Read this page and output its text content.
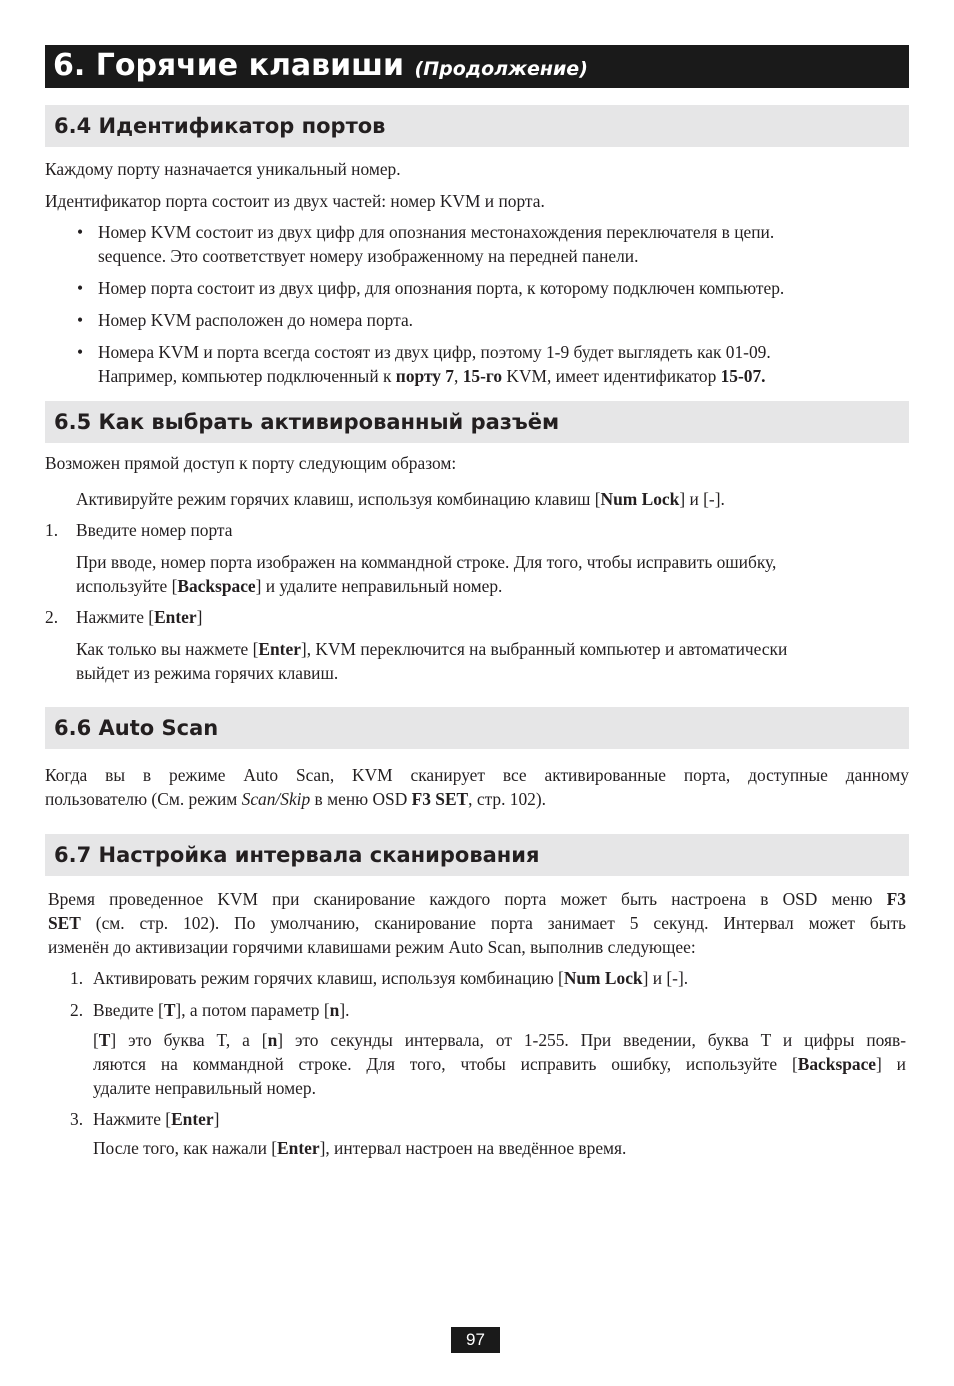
6. Горячие клавиши (Продолжение)
6.4 Идентификатор портов
Каждому порту назначается уникальный номер.
Идентификатор порта состоит из двух частей: номер KVM и порта.
• Номер KVM состоит из двух цифр для опознания местонахождения переключателя в цепи.
sequence. Это соответствует номеру изображенному на передней панели.
• Номер порта состоит из двух цифр, для опознания порта, к которому подключен компьютер.
• Номер KVM расположен до номера порта.
• Номера KVM и порта всегда состоят из двух цифр, поэтому 1-9 будет выглядеть как 01-09.
Например, компьютер подключенный к порту 7, 15-го KVM, имеет идентификатор 15-07.
6.5 Как выбрать активированный разъём
Возможен прямой доступ к порту следующим образом:
Активируйте режим горячих клавиш, используя комбинацию клавиш [Num Lock] и [-].
1. Введите номер порта
При вводе, номер порта изображен на коммандной строке. Для того, чтобы исправить ошибку,
используйте [Backspace] и удалите неправильный номер.
2. Нажмите [Enter]
Как только вы нажмете [Enter], KVM переключится на выбранный компьютер и автоматически
выйдет из режима горячих клавиш.
6.6 Auto Scan
Когда вы в режиме Auto Scan, KVM сканирует все активированные порта, доступные данному
пользователю (См. режим Scan/Skip в меню OSD F3 SET, стр. 102).
6.7 Настройка интервала сканирования
Время проведенное KVM при сканирование каждого порта может быть настроена в OSD меню F3
SET (см. стр. 102). По умолчанию, сканирование порта занимает 5 секунд. Интервал может быть
изменён до активизации горячими клавишами режим Auto Scan, выполнив следующее:
1. Активировать режим горячих клавиш, используя комбинацию [Num Lock] и [-].
2. Введите [T], а потом параметр [n].
[T] это буква T, а [n] это секунды интервала, от 1-255. При введении, буква T и цифры появ-
ляются на коммандной строке. Для того, чтобы исправить ошибку, используйте [Backspace] и
удалите неправильный номер.
3. Нажмите [Enter]
После того, как нажали [Enter], интервал настроен на введённое время.
97
